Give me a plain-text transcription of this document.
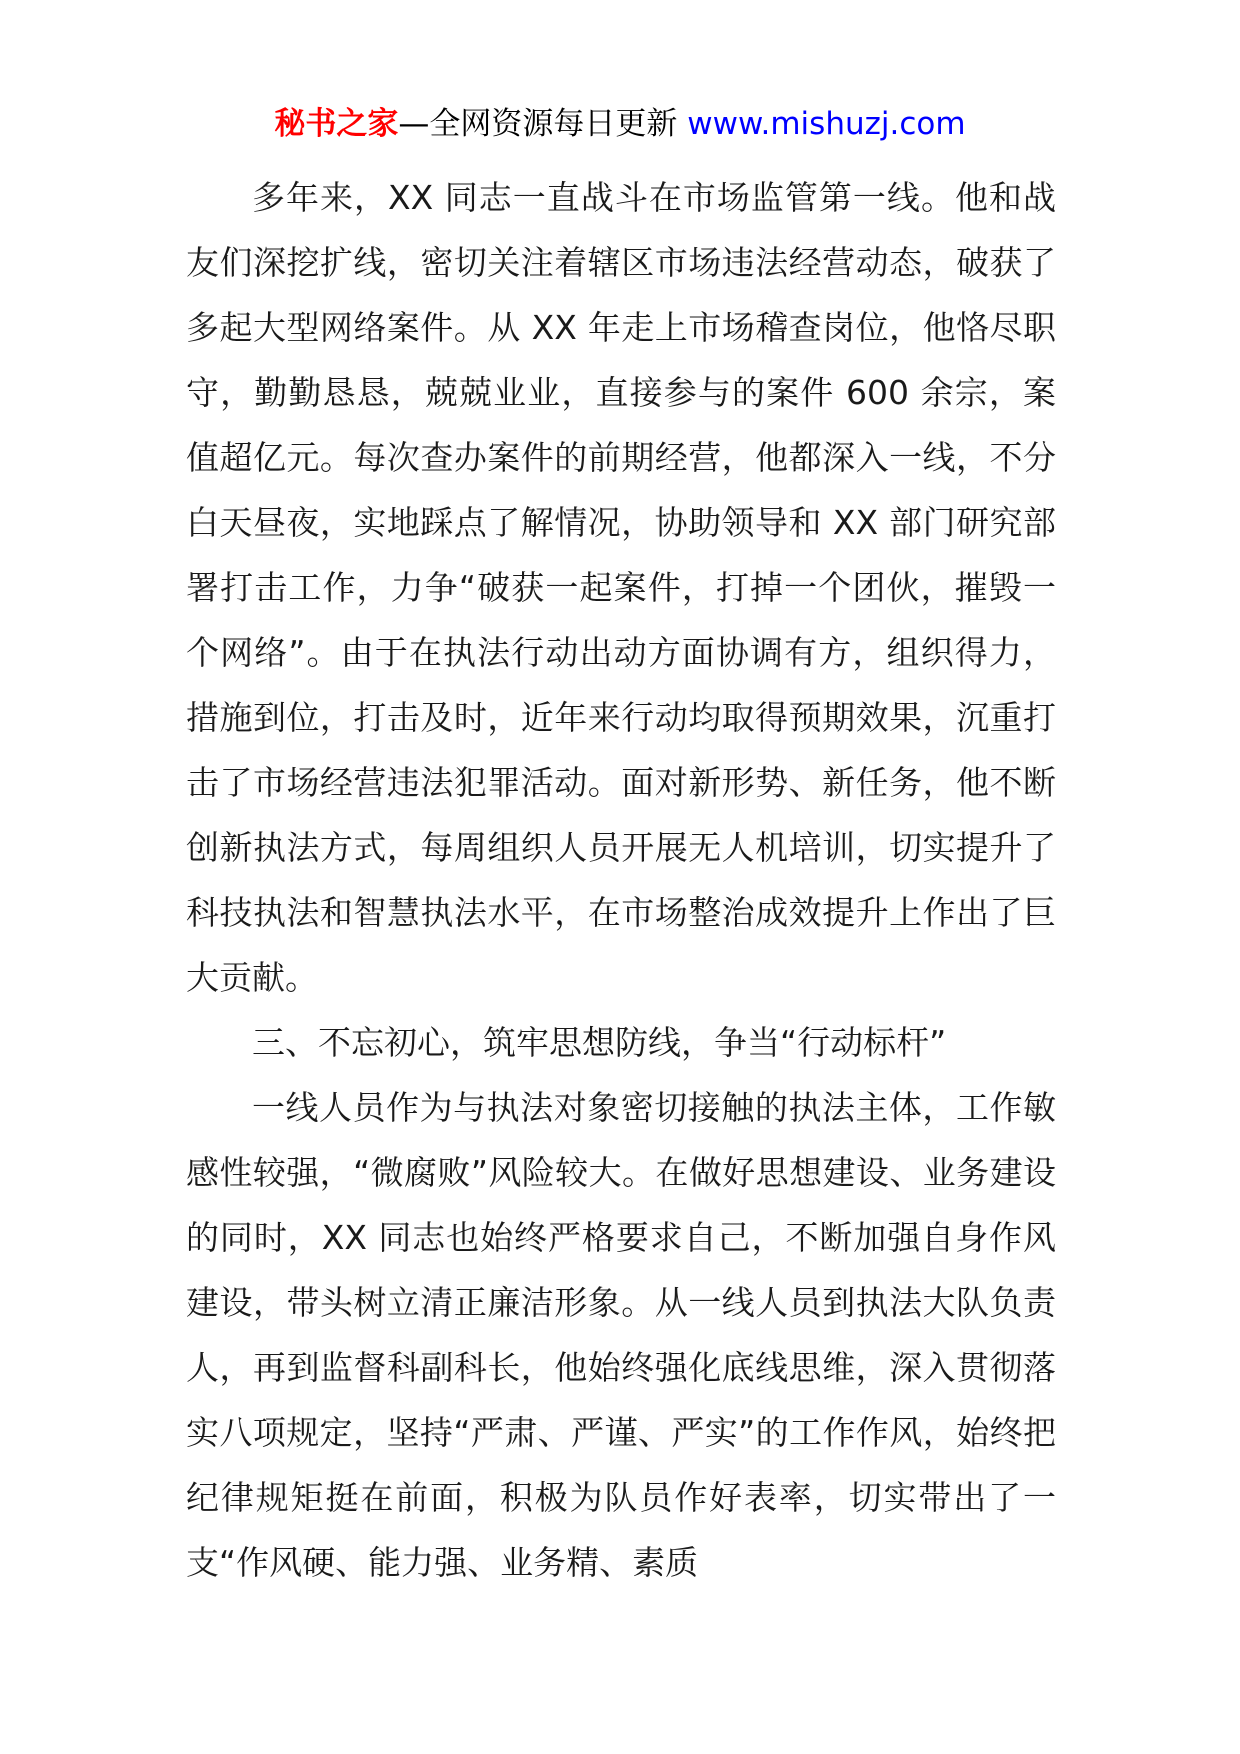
秘书之家—全网资源每日更新 www.mishuzj.com

多年来，XX 同志一直战斗在市场监管第一线。他和战友们深挖扩线，密切关注着辖区市场违法经营动态，破获了多起大型网络案件。从 XX 年走上市场稽查岗位，他恪尽职守，勤勤恳恳，兢兢业业，直接参与的案件 600 余宗，案值超亿元。每次查办案件的前期经营，他都深入一线，不分白天昼夜，实地踩点了解情况，协助领导和 XX 部门研究部署打击工作，力争“破获一起案件，打掉一个团伙，摧毁一个网络”。由于在执法行动出动方面协调有方，组织得力，措施到位，打击及时，近年来行动均取得预期效果，沉重打击了市场经营违法犯罪活动。面对新形势、新任务，他不断创新执法方式，每周组织人员开展无人机培训，切实提升了科技执法和智慧执法水平，在市场整治成效提升上作出了巨大贡献。

三、不忘初心，筑牢思想防线，争当“行动标杆”

一线人员作为与执法对象密切接触的执法主体，工作敏感性较强，“微腐败”风险较大。在做好思想建设、业务建设的同时，XX 同志也始终严格要求自己，不断加强自身作风建设，带头树立清正廉洁形象。从一线人员到执法大队负责人，再到监督科副科长，他始终强化底线思维，深入贯彻落实八项规定，坚持“严肃、严谨、严实”的工作作风，始终把纪律规矩挺在前面，积极为队员作好表率，切实带出了一支“作风硬、能力强、业务精、素质
